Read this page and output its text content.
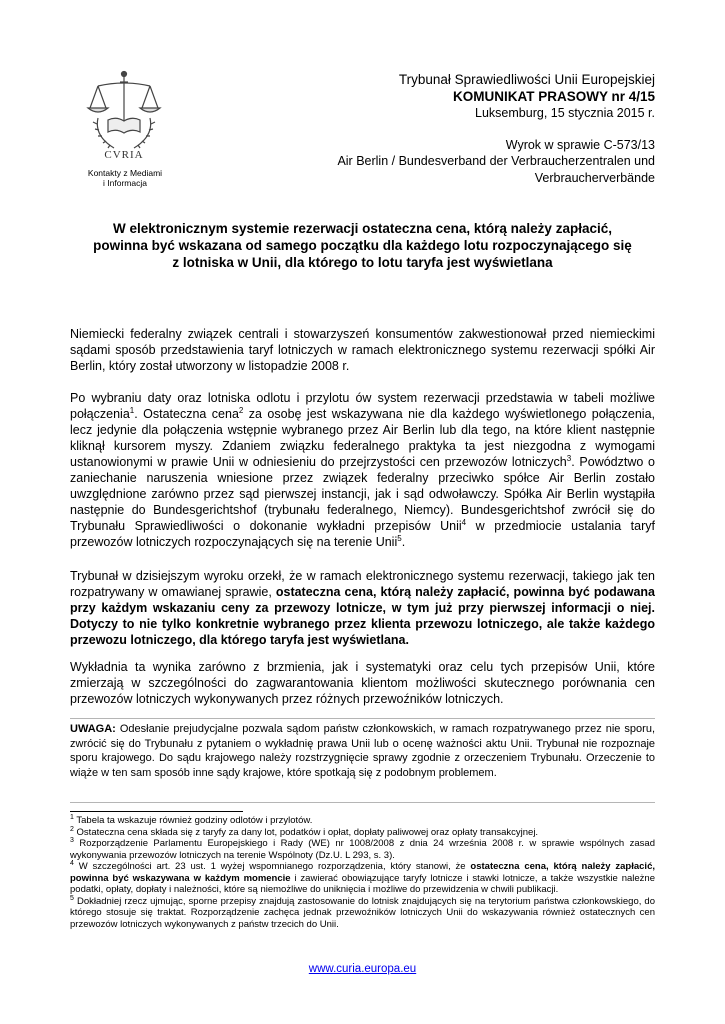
CVRIA
Kontakty z Mediami
i Informacja
Trybunał Sprawiedliwości Unii Europejskiej
KOMUNIKAT PRASOWY nr 4/15
Luksemburg, 15 stycznia 2015 r.
Wyrok w sprawie C-573/13
Air Berlin / Bundesverband der Verbraucherzentralen und
Verbraucherverbände
W elektronicznym systemie rezerwacji ostateczna cena, którą należy zapłacić,
powinna być wskazana od samego początku dla każdego lotu rozpoczynającego się
z lotniska w Unii, dla którego to lotu taryfa jest wyświetlana
Niemiecki federalny związek centrali i stowarzyszeń konsumentów zakwestionował przed niemieckimi sądami sposób przedstawienia taryf lotniczych w ramach elektronicznego systemu rezerwacji spółki Air Berlin, który został utworzony w listopadzie 2008 r.
Po wybraniu daty oraz lotniska odlotu i przylotu ów system rezerwacji przedstawia w tabeli możliwe połączenia$^1$. Ostateczna cena$^2$ za osobę jest wskazywana nie dla każdego wyświetlonego połączenia, lecz jedynie dla połączenia wstępnie wybranego przez Air Berlin lub dla tego, na które klient następnie kliknął kursorem myszy. Zdaniem związku federalnego praktyka ta jest niezgodna z wymogami ustanowionymi w prawie Unii w odniesieniu do przejrzystości cen przewozów lotniczych$^3$. Powództwo o zaniechanie naruszenia wniesione przez związek federalny przeciwko spółce Air Berlin zostało uwzględnione zarówno przez sąd pierwszej instancji, jak i sąd odwoławczy. Spółka Air Berlin wystąpiła następnie do Bundesgerichtshof (trybunału federalnego, Niemcy). Bundesgerichtshof zwrócił się do Trybunału Sprawiedliwości o dokonanie wykładni przepisów Unii$^4$ w przedmiocie ustalania taryf przewozów lotniczych rozpoczynających się na terenie Unii$^5$.
Trybunał w dzisiejszym wyroku orzekł, że w ramach elektronicznego systemu rezerwacji, takiego jak ten rozpatrywany w omawianej sprawie, ostateczna cena, którą należy zapłacić, powinna być podawana przy każdym wskazaniu ceny za przewozy lotnicze, w tym już przy pierwszej informacji o niej. Dotyczy to nie tylko konkretnie wybranego przez klienta przewozu lotniczego, ale także każdego przewozu lotniczego, dla którego taryfa jest wyświetlana.
Wykładnia ta wynika zarówno z brzmienia, jak i systematyki oraz celu tych przepisów Unii, które zmierzają w szczególności do zagwarantowania klientom możliwości skutecznego porównania cen przewozów lotniczych wykonywanych przez różnych przewoźników lotniczych.
UWAGA: Odesłanie prejudycjalne pozwala sądom państw członkowskich, w ramach rozpatrywanego przez nie sporu, zwrócić się do Trybunału z pytaniem o wykładnię prawa Unii lub o ocenę ważności aktu Unii. Trybunał nie rozpoznaje sporu krajowego. Do sądu krajowego należy rozstrzygnięcie sprawy zgodnie z orzeczeniem Trybunału. Orzeczenie to wiąże w ten sam sposób inne sądy krajowe, które spotkają się z podobnym problemem.

$^1$ Tabela ta wskazuje również godziny odlotów i przylotów.

$^2$ Ostateczna cena składa się z taryfy za dany lot, podatków i opłat, dopłaty paliwowej oraz opłaty transakcyjnej.

$^3$ Rozporządzenie Parlamentu Europejskiego i Rady (WE) nr 1008/2008 z dnia 24 września 2008 r. w sprawie wspólnych zasad wykonywania przewozów lotniczych na terenie Wspólnoty (Dz.U. L 293, s. 3).

$^4$ W szczególności art. 23 ust. 1 wyżej wspomnianego rozporządzenia, który stanowi, że ostateczna cena, którą należy zapłacić, powinna być wskazywana w każdym momencie i zawierać obowiązujące taryfy lotnicze i stawki lotnicze, a także wszystkie należne podatki, opłaty, dopłaty i należności, które są niemożliwe do uniknięcia i możliwe do przewidzenia w chwili publikacji.

$^5$ Dokładniej rzecz ujmując, sporne przepisy znajdują zastosowanie do lotnisk znajdujących się na terytorium państwa członkowskiego, do którego stosuje się traktat. Rozporządzenie zachęca jednak przewoźników lotniczych Unii do wskazywania również ostatecznych cen przewozów lotniczych wykonywanych z państw trzecich do Unii.

www.curia.europa.eu
